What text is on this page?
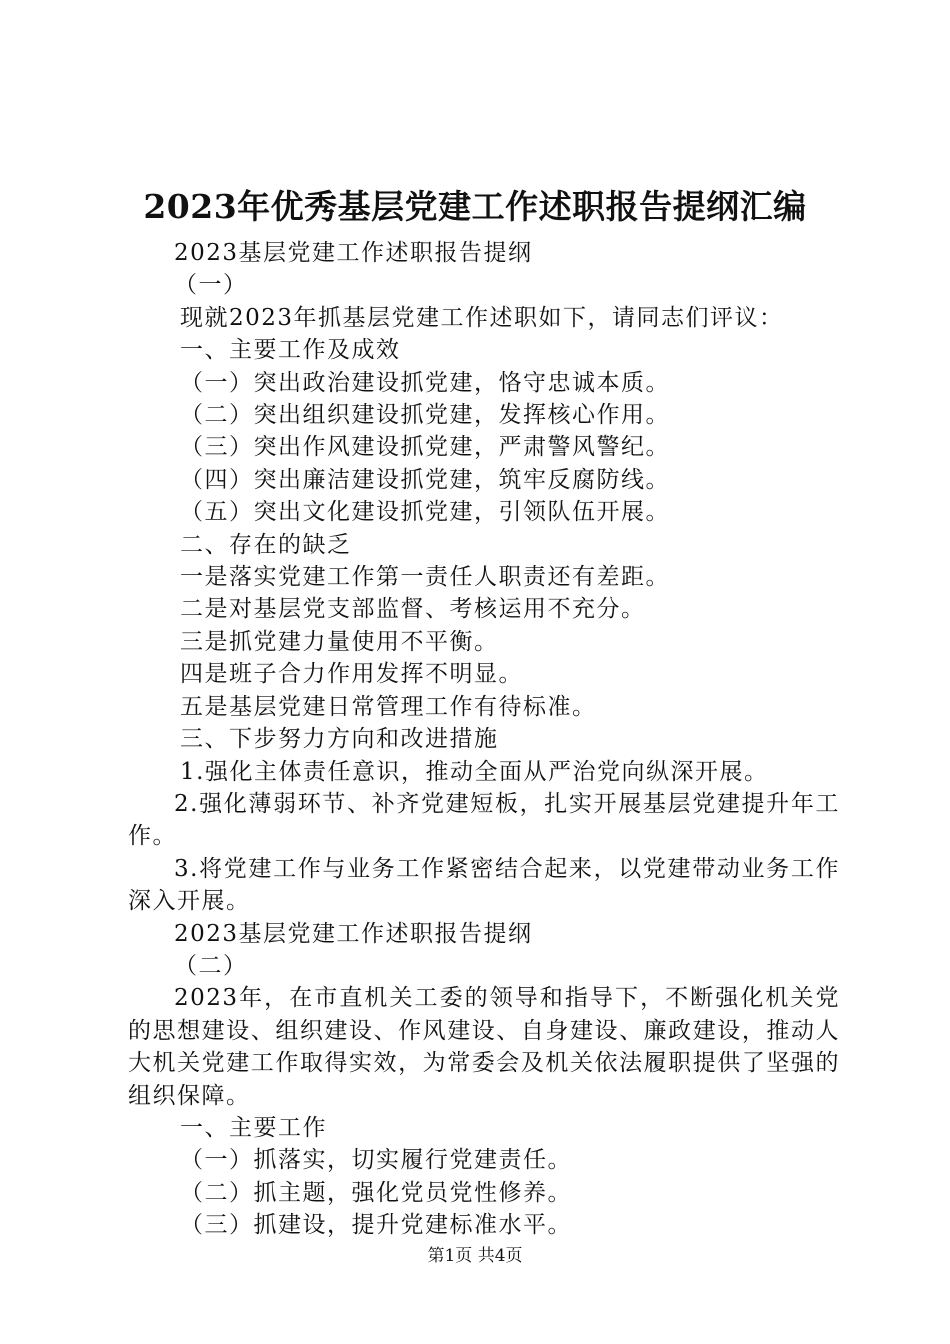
2023年优秀基层党建工作述职报告提纲汇编
2023基层党建工作述职报告提纲
（一）
现就2023年抓基层党建工作述职如下，请同志们评议：
一、主要工作及成效
（一）突出政治建设抓党建，恪守忠诚本质。
（二）突出组织建设抓党建，发挥核心作用。
（三）突出作风建设抓党建，严肃警风警纪。
（四）突出廉洁建设抓党建，筑牢反腐防线。
（五）突出文化建设抓党建，引领队伍开展。
二、存在的缺乏
一是落实党建工作第一责任人职责还有差距。
二是对基层党支部监督、考核运用不充分。
三是抓党建力量使用不平衡。
四是班子合力作用发挥不明显。
五是基层党建日常管理工作有待标准。
三、下步努力方向和改进措施
1.强化主体责任意识，推动全面从严治党向纵深开展。
2.强化薄弱环节、补齐党建短板，扎实开展基层党建提升年工作。
3.将党建工作与业务工作紧密结合起来，以党建带动业务工作深入开展。
2023基层党建工作述职报告提纲
（二）
2023年，在市直机关工委的领导和指导下，不断强化机关党的思想建设、组织建设、作风建设、自身建设、廉政建设，推动人大机关党建工作取得实效，为常委会及机关依法履职提供了坚强的组织保障。
一、主要工作
（一）抓落实，切实履行党建责任。
（二）抓主题，强化党员党性修养。
（三）抓建设，提升党建标准水平。
第1页 共4页
